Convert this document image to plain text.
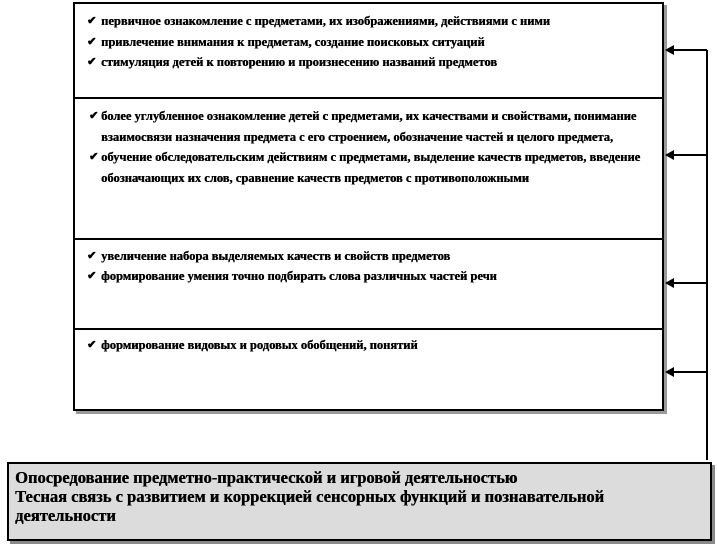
✔ первичное ознакомление с предметами, их изображениями, действиями с ними
✔ привлечение внимания к предметам, создание поисковых ситуаций
✔ стимуляция детей к повторению и произнесению названий предметов
✔ более углубленное ознакомление детей с предметами, их качествами и свойствами, понимание взаимосвязи назначения предмета с его строением, обозначение частей и целого предмета,
✔ обучение обследовательским действиям с предметами, выделение качеств предметов, введение обозначающих их слов, сравнение качеств предметов с противоположными
✔ увеличение набора выделяемых качеств и свойств предметов
✔ формирование умения точно подбирать слова различных частей речи
✔ формирование видовых и родовых обобщений, понятий
Опосредование предметно-практической и игровой деятельностью
Тесная связь с развитием и коррекцией сенсорных функций и познавательной деятельности
